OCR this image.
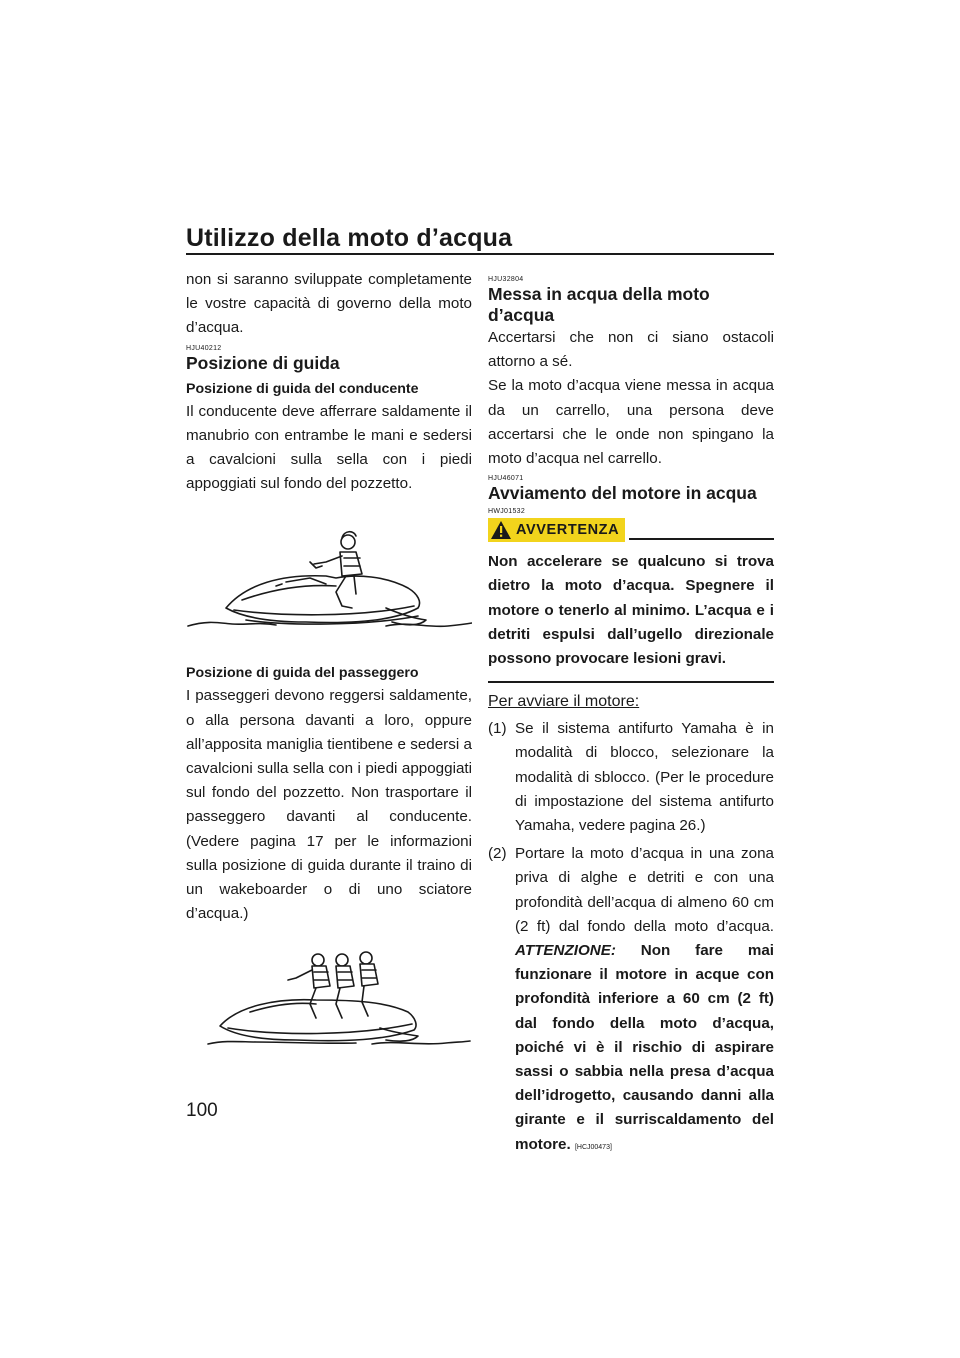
Utilizzo della moto d’acqua

non si saranno sviluppate completamente le vostre capacità di governo della moto d’acqua.

HJU40212
Posizione di guida
Posizione di guida del conducente

Il conducente deve afferrare saldamente il manubrio con entrambe le mani e sedersi a cavalcioni sulla sella con i piedi appoggiati sul fondo del pozzetto.

Posizione di guida del passeggero

I passeggeri devono reggersi saldamente, o alla persona davanti a loro, oppure all’apposita maniglia tientibene e sedersi a cavalcioni sulla sella con i piedi appoggiati sul fondo del pozzetto. Non trasportare il passeggero davanti al conducente. (Vedere pagina 17 per le informazioni sulla posizione di guida durante il traino di un wakeboarder o di uno sciatore d’acqua.)

HJU32804
Messa in acqua della moto d’acqua

Accertarsi che non ci siano ostacoli attorno a sé.

Se la moto d’acqua viene messa in acqua da un carrello, una persona deve accertarsi che le onde non spingano la moto d’acqua nel carrello.

HJU46071
Avviamento del motore in acqua
HWJ01532
AVVERTENZA
Non accelerare se qualcuno si trova dietro la moto d’acqua. Spegnere il motore o tenerlo al minimo. L’acqua e i detriti espulsi dall’ugello direzionale possono provocare lesioni gravi.
Per avviare il motore:
(1) Se il sistema antifurto Yamaha è in modalità di blocco, selezionare la modalità di sblocco. (Per le procedure di impostazione del sistema antifurto Yamaha, vedere pagina 26.)
(2) Portare la moto d’acqua in una zona priva di alghe e detriti e con una profondità dell’acqua di almeno 60 cm (2 ft) dal fondo della moto d’acqua. ATTENZIONE: Non fare mai funzionare il motore in acque con profondità inferiore a 60 cm (2 ft) dal fondo della moto d’acqua, poiché vi è il rischio di aspirare sassi o sabbia nella presa d’acqua dell’idrogetto, causando danni alla girante e il surriscaldamento del motore. [HCJ00473]
100
